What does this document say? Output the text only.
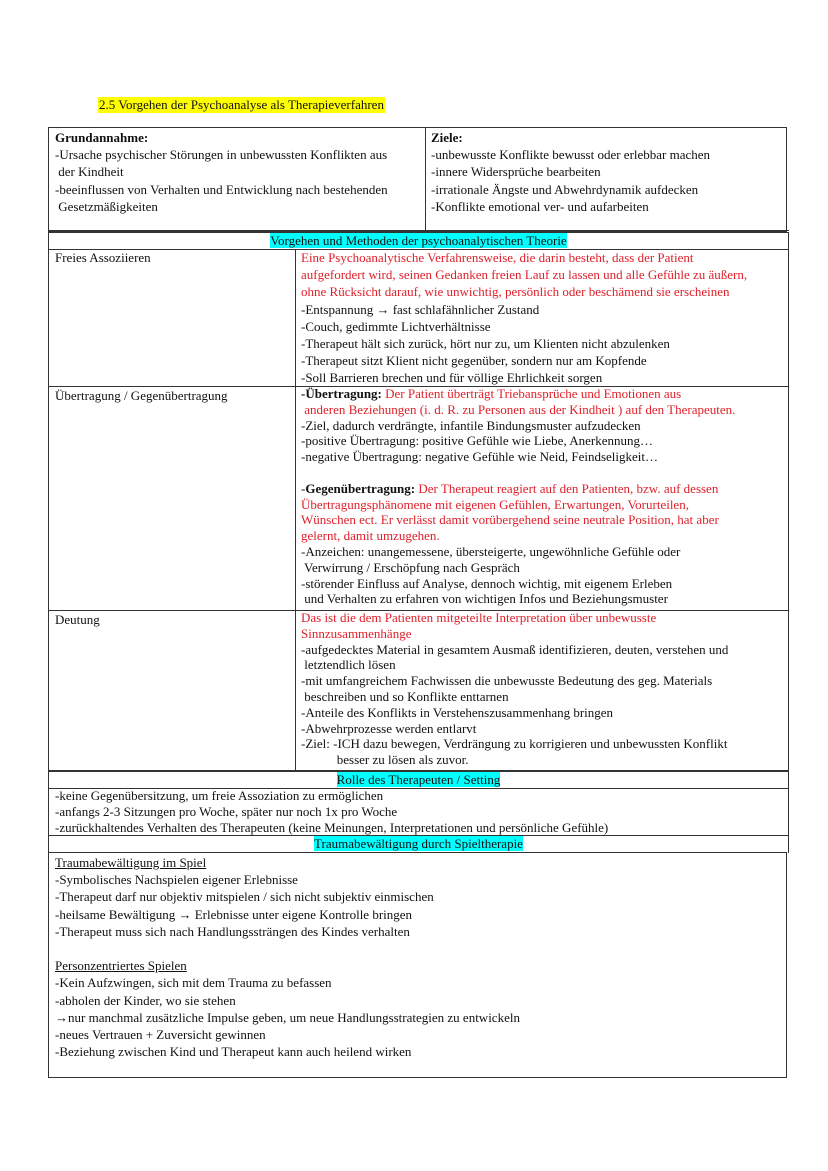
2.5 Vorgehen der Psychoanalyse als Therapieverfahren
Grundannahme:
-Ursache psychischer Störungen in unbewussten Konflikten aus
der Kindheit
-beeinflussen von Verhalten und Entwicklung nach bestehenden
Gesetzmäßigkeiten
Ziele:
-unbewusste Konflikte bewusst oder erlebbar machen
-innere Widersprüche bearbeiten
-irrationale Ängste und Abwehrdynamik aufdecken
-Konflikte emotional ver- und aufarbeiten
Vorgehen und Methoden der psychoanalytischen Theorie
Freies Assoziieren	Eine Psychoanalytische Verfahrensweise, die darin besteht, dass der Patient
aufgefordert wird, seinen Gedanken freien Lauf zu lassen und alle Gefühle zu äußern,
ohne Rücksicht darauf, wie unwichtig, persönlich oder beschämend sie erscheinen
-Entspannung → fast schlafähnlicher Zustand
-Couch, gedimmte Lichtverhältnisse
-Therapeut hält sich zurück, hört nur zu, um Klienten nicht abzulenken
-Therapeut sitzt Klient nicht gegenüber, sondern nur am Kopfende
-Soll Barrieren brechen und für völlige Ehrlichkeit sorgen
Übertragung / Gegenübertragung	-Übertragung: Der Patient überträgt Triebansprüche und Emotionen aus
anderen Beziehungen (i. d. R. zu Personen aus der Kindheit ) auf den Therapeuten.
-Ziel, dadurch verdrängte, infantile Bindungsmuster aufzudecken
-positive Übertragung: positive Gefühle wie Liebe, Anerkennung…
-negative Übertragung: negative Gefühle wie Neid, Feindseligkeit…
-Gegenübertragung: Der Therapeut reagiert auf den Patienten, bzw. auf dessen
Übertragungsphänomene mit eigenen Gefühlen, Erwartungen, Vorurteilen,
Wünschen ect. Er verlässt damit vorübergehend seine neutrale Position, hat aber
gelernt, damit umzugehen.
-Anzeichen: unangemessene, übersteigerte, ungewöhnliche Gefühle oder
Verwirrung / Erschöpfung nach Gespräch
-störender Einfluss auf Analyse, dennoch wichtig, mit eigenem Erleben
und Verhalten zu erfahren von wichtigen Infos und Beziehungsmuster
Deutung	Das ist die dem Patienten mitgeteilte Interpretation über unbewusste
Sinnzusammenhänge
-aufgedecktes Material in gesamtem Ausmaß identifizieren, deuten, verstehen und
letztendlich lösen
-mit umfangreichem Fachwissen die unbewusste Bedeutung des geg. Materials
beschreiben und so Konflikte enttarnen
-Anteile des Konflikts in Verstehenszusammenhang bringen
-Abwehrprozesse werden entlarvt
-Ziel: -ICH dazu bewegen, Verdrängung zu korrigieren und unbewussten Konflikt
besser zu lösen als zuvor.
Rolle des Therapeuten / Setting
-keine Gegenübersitzung, um freie Assoziation zu ermöglichen
-anfangs 2-3 Sitzungen pro Woche, später nur noch 1x pro Woche
-zurückhaltendes Verhalten des Therapeuten (keine Meinungen, Interpretationen und persönliche Gefühle)
Traumabewältigung durch Spieltherapie
Traumabewältigung im Spiel
-Symbolisches Nachspielen eigener Erlebnisse
-Therapeut darf nur objektiv mitspielen / sich nicht subjektiv einmischen
-heilsame Bewältigung → Erlebnisse unter eigene Kontrolle bringen
-Therapeut muss sich nach Handlungssträngen des Kindes verhalten
Personzentriertes Spielen
-Kein Aufzwingen, sich mit dem Trauma zu befassen
-abholen der Kinder, wo sie stehen
→nur manchmal zusätzliche Impulse geben, um neue Handlungsstrategien zu entwickeln
-neues Vertrauen + Zuversicht gewinnen
-Beziehung zwischen Kind und Therapeut kann auch heilend wirken
